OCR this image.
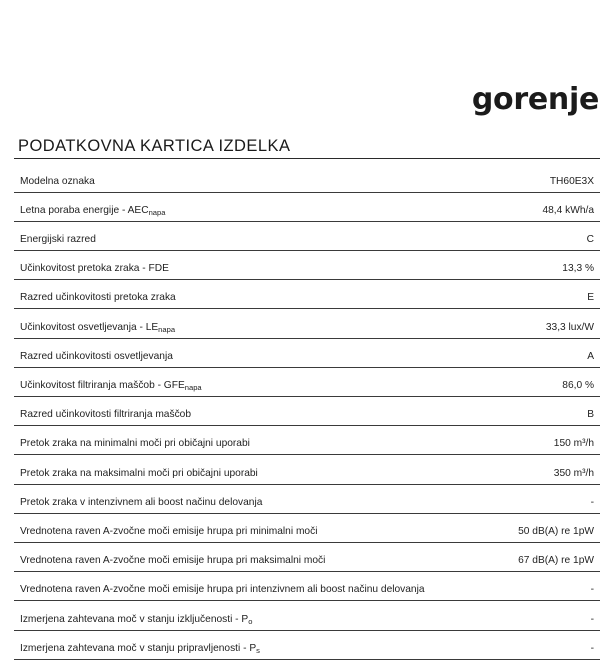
gorenje
PODATKOVNA KARTICA IZDELKA
Modelna oznaka	TH60E3X
Letna poraba energije - $AEC_{napa}$	48,4 kWh/a
Energijski razred	C
Učinkovitost pretoka zraka - FDE	13,3 %
Razred učinkovitosti pretoka zraka	E
Učinkovitost osvetljevanja - $LE_{napa}$	33,3 lux/W
Razred učinkovitosti osvetljevanja	A
Učinkovitost filtriranja maščob - $GFE_{napa}$	86,0 %
Razred učinkovitosti filtriranja maščob	B
Pretok zraka na minimalni moči pri običajni uporabi	150 m³/h
Pretok zraka na maksimalni moči pri običajni uporabi	350 m³/h
Pretok zraka v intenzivnem ali boost načinu delovanja	-
Vrednotena raven A-zvočne moči emisije hrupa pri minimalni moči	50 dB(A) re 1pW
Vrednotena raven A-zvočne moči emisije hrupa pri maksimalni moči	67 dB(A) re 1pW
Vrednotena raven A-zvočne moči emisije hrupa pri intenzivnem ali boost načinu delovanja	-
Izmerjena zahtevana moč v stanju izključenosti - $P_o$	-
Izmerjena zahtevana moč v stanju pripravljenosti - $P_s$	-
